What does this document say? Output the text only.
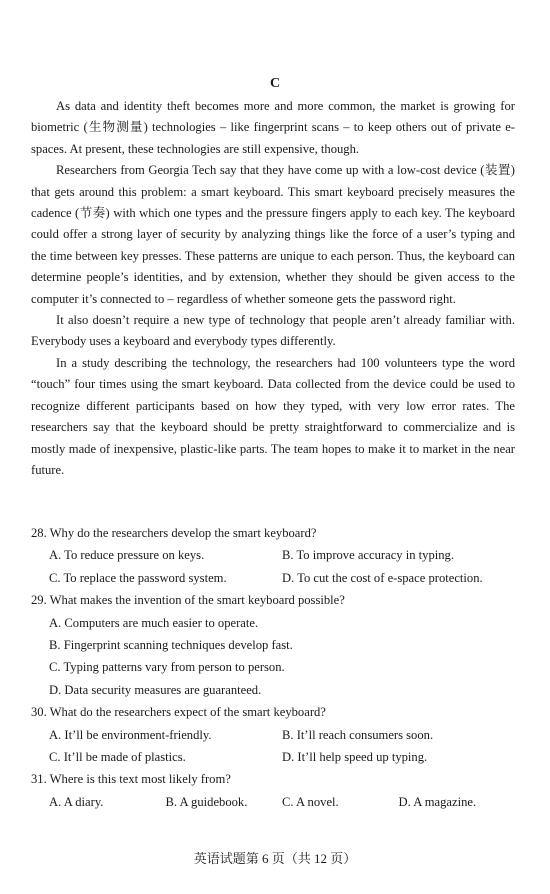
C

As data and identity theft becomes more and more common, the market is growing for biometric (生物测量) technologies – like fingerprint scans – to keep others out of private e-spaces. At present, these technologies are still expensive, though.

Researchers from Georgia Tech say that they have come up with a low-cost device (装置) that gets around this problem: a smart keyboard. This smart keyboard precisely measures the cadence (节奏) with which one types and the pressure fingers apply to each key. The keyboard could offer a strong layer of security by analyzing things like the force of a user’s typing and the time between key presses. These patterns are unique to each person. Thus, the keyboard can determine people’s identities, and by extension, whether they should be given access to the computer it’s connected to – regardless of whether someone gets the password right.

It also doesn’t require a new type of technology that people aren’t already familiar with. Everybody uses a keyboard and everybody types differently.

In a study describing the technology, the researchers had 100 volunteers type the word “touch” four times using the smart keyboard. Data collected from the device could be used to recognize different participants based on how they typed, with very low error rates. The researchers say that the keyboard should be pretty straightforward to commercialize and is mostly made of inexpensive, plastic-like parts. The team hopes to make it to market in the near future.

28. Why do the researchers develop the smart keyboard?
A. To reduce pressure on keys.	B. To improve accuracy in typing.
C. To replace the password system.	D. To cut the cost of e-space protection.
29. What makes the invention of the smart keyboard possible?
A. Computers are much easier to operate.
B. Fingerprint scanning techniques develop fast.
C. Typing patterns vary from person to person.
D. Data security measures are guaranteed.
30. What do the researchers expect of the smart keyboard?
A. It’ll be environment-friendly.	B. It’ll reach consumers soon.
C. It’ll be made of plastics.	D. It’ll help speed up typing.
31. Where is this text most likely from?
A. A diary.	B. A guidebook.	C. A novel.	D. A magazine.
英语试题第 6 页（共 12 页）
